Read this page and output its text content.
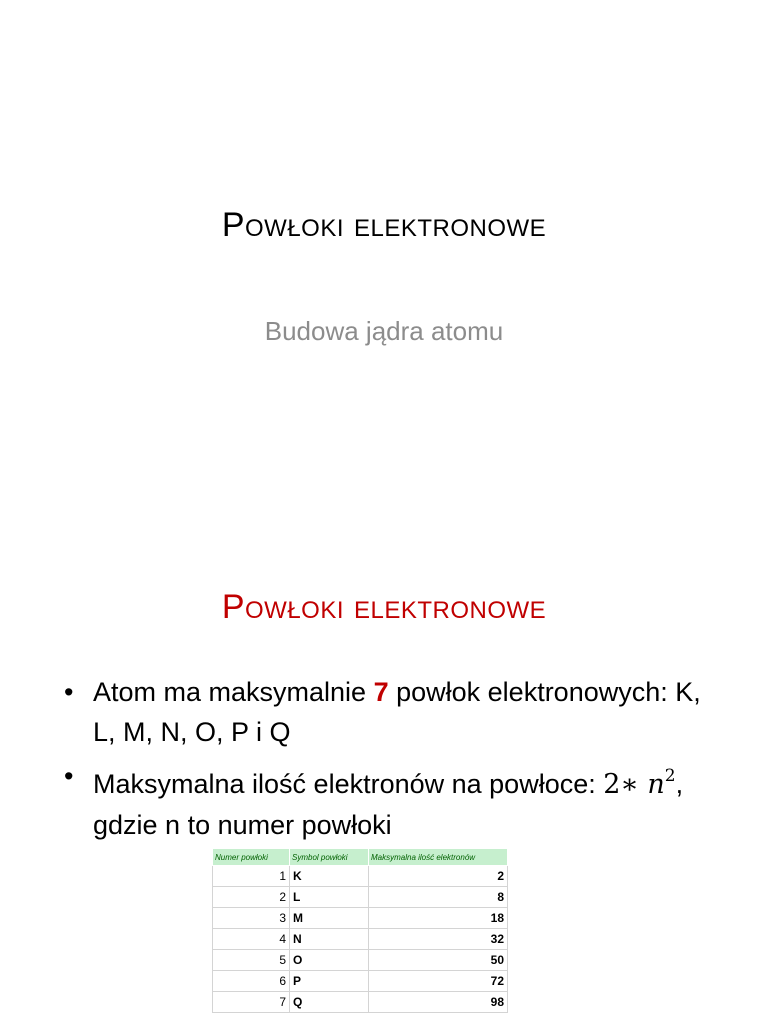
Powłoki elektronowe
Budowa jądra atomu
Powłoki elektronowe
• Atom ma maksymalnie 7 powłok elektronowych: K, L, M, N, O, P i Q
• Maksymalna ilość elektronów na powłoce: 2∗ $n^2$, gdzie n to numer powłoki
Numer powłoki	Symbol powłoki	Maksymalna ilość elektronów
1	K	2
2	L	8
3	M	18
4	N	32
5	O	50
6	P	72
7	Q	98
